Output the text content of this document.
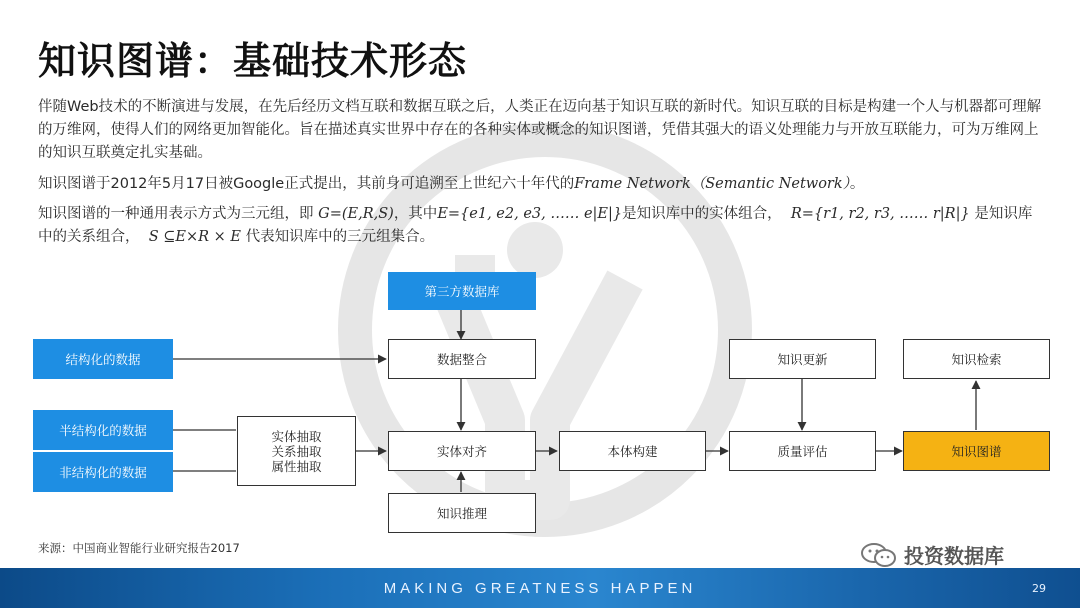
知识图谱：基础技术形态
伴随Web技术的不断演进与发展，在先后经历文档互联和数据互联之后，人类正在迈向基于知识互联的新时代。知识互联的目标是构建一个人与机器都可理解的万维网，使得人们的网络更加智能化。旨在描述真实世界中存在的各种实体或概念的知识图谱，凭借其强大的语义处理能力与开放互联能力，可为万维网上的知识互联奠定扎实基础。
知识图谱于2012年5月17日被Google正式提出，其前身可追溯至上世纪六十年代的Frame Network（Semantic Network）。
知识图谱的一种通用表示方式为三元组，即 G=(E,R,S)，其中E={e1, e2, e3, …… e|E|}是知识库中的实体组合， R={r1, r2, r3, …… r|R|} 是知识库中的关系组合， S ⊆E×R × E 代表知识库中的三元组集合。
第三方数据库
结构化的数据
半结构化的数据
非结构化的数据
实体抽取
关系抽取
属性抽取
数据整合
实体对齐
知识推理
本体构建
知识更新
质量评估	知识图谱
知识检索
来源：中国商业智能行业研究报告2017	投资数据库
MAKING GREATNESS HAPPEN	29
